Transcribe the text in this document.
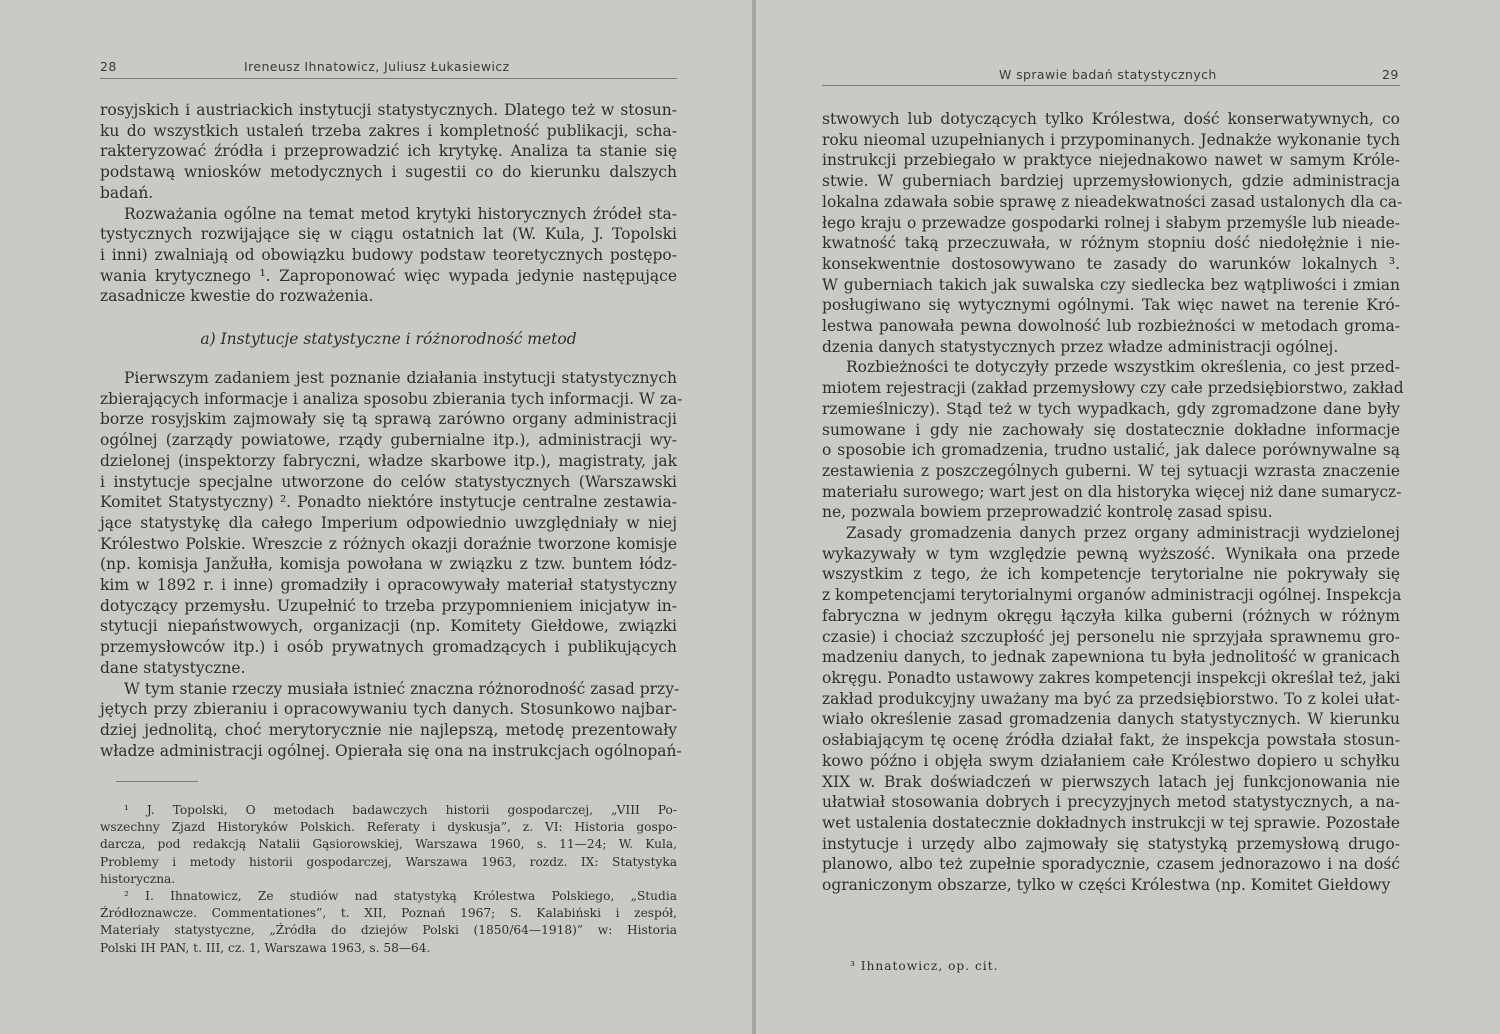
28	Ireneusz Ihnatowicz, Juliusz Łukasiewicz
rosyjskich i austriackich instytucji statystycznych. Dlatego też w stosun-
ku do wszystkich ustaleń trzeba zakres i kompletność publikacji, scha-
rakteryzować źródła i przeprowadzić ich krytykę. Analiza ta stanie się
podstawą wniosków metodycznych i sugestii co do kierunku dalszych
badań.
Rozważania ogólne na temat metod krytyki historycznych źródeł sta-
tystycznych rozwijające się w ciągu ostatnich lat (W. Kula, J. Topolski
i inni) zwalniają od obowiązku budowy podstaw teoretycznych postępo-
wania krytycznego ¹. Zaproponować więc wypada jedynie następujące
zasadnicze kwestie do rozważenia.
a) Instytucje statystyczne i różnorodność metod
Pierwszym zadaniem jest poznanie działania instytucji statystycznych
zbierających informacje i analiza sposobu zbierania tych informacji. W za-
borze rosyjskim zajmowały się tą sprawą zarówno organy administracji
ogólnej (zarządy powiatowe, rządy gubernialne itp.), administracji wy-
dzielonej (inspektorzy fabryczni, władze skarbowe itp.), magistraty, jak
i instytucje specjalne utworzone do celów statystycznych (Warszawski
Komitet Statystyczny) ². Ponadto niektóre instytucje centralne zestawia-
jące statystykę dla całego Imperium odpowiednio uwzględniały w niej
Królestwo Polskie. Wreszcie z różnych okazji doraźnie tworzone komisje
(np. komisja Janžułła, komisja powołana w związku z tzw. buntem łódz-
kim w 1892 r. i inne) gromadziły i opracowywały materiał statystyczny
dotyczący przemysłu. Uzupełnić to trzeba przypomnieniem inicjatyw in-
stytucji niepaństwowych, organizacji (np. Komitety Giełdowe, związki
przemysłowców itp.) i osób prywatnych gromadzących i publikujących
dane statystyczne.
W tym stanie rzeczy musiała istnieć znaczna różnorodność zasad przy-
jętych przy zbieraniu i opracowywaniu tych danych. Stosunkowo najbar-
dziej jednolitą, choć merytorycznie nie najlepszą, metodę prezentowały
władze administracji ogólnej. Opierała się ona na instrukcjach ogólnopań-
¹ J. Topolski, O metodach badawczych historii gospodarczej, „VIII Po-
wszechny Zjazd Historyków Polskich. Referaty i dyskusja”, z. VI: Historia gospo-
darcza, pod redakcją Natalii Gąsiorowskiej, Warszawa 1960, s. 11—24; W. Kula,
Problemy i metody historii gospodarczej, Warszawa 1963, rozdz. IX: Statystyka
historyczna.
² I. Ihnatowicz, Ze studiów nad statystyką Królestwa Polskiego, „Studia
Źródłoznawcze. Commentationes”, t. XII, Poznań 1967; S. Kalabiński i zespół,
Materiały statystyczne, „Źródła do dziejów Polski (1850/64—1918)” w: Historia
Polski IH PAN, t. III, cz. 1, Warszawa 1963, s. 58—64.
W sprawie badań statystycznych	29
stwowych lub dotyczących tylko Królestwa, dość konserwatywnych, co
roku nieomal uzupełnianych i przypominanych. Jednakże wykonanie tych
instrukcji przebiegało w praktyce niejednakowo nawet w samym Króle-
stwie. W guberniach bardziej uprzemysłowionych, gdzie administracja
lokalna zdawała sobie sprawę z nieadekwatności zasad ustalonych dla ca-
łego kraju o przewadze gospodarki rolnej i słabym przemyśle lub nieade-
kwatność taką przeczuwała, w różnym stopniu dość niedołężnie i nie-
konsekwentnie dostosowywano te zasady do warunków lokalnych ³.
W guberniach takich jak suwalska czy siedlecka bez wątpliwości i zmian
posługiwano się wytycznymi ogólnymi. Tak więc nawet na terenie Kró-
lestwa panowała pewna dowolność lub rozbieżności w metodach groma-
dzenia danych statystycznych przez władze administracji ogólnej.
Rozbieżności te dotyczyły przede wszystkim określenia, co jest przed-
miotem rejestracji (zakład przemysłowy czy całe przedsiębiorstwo, zakład
rzemieślniczy). Stąd też w tych wypadkach, gdy zgromadzone dane były
sumowane i gdy nie zachowały się dostatecznie dokładne informacje
o sposobie ich gromadzenia, trudno ustalić, jak dalece porównywalne są
zestawienia z poszczególnych guberni. W tej sytuacji wzrasta znaczenie
materiału surowego; wart jest on dla historyka więcej niż dane sumarycz-
ne, pozwala bowiem przeprowadzić kontrolę zasad spisu.
Zasady gromadzenia danych przez organy administracji wydzielonej
wykazywały w tym względzie pewną wyższość. Wynikała ona przede
wszystkim z tego, że ich kompetencje terytorialne nie pokrywały się
z kompetencjami terytorialnymi organów administracji ogólnej. Inspekcja
fabryczna w jednym okręgu łączyła kilka guberni (różnych w różnym
czasie) i chociaż szczupłość jej personelu nie sprzyjała sprawnemu gro-
madzeniu danych, to jednak zapewniona tu była jednolitość w granicach
okręgu. Ponadto ustawowy zakres kompetencji inspekcji określał też, jaki
zakład produkcyjny uważany ma być za przedsiębiorstwo. To z kolei ułat-
wiało określenie zasad gromadzenia danych statystycznych. W kierunku
osłabiającym tę ocenę źródła działał fakt, że inspekcja powstała stosun-
kowo późno i objęła swym działaniem całe Królestwo dopiero u schyłku
XIX w. Brak doświadczeń w pierwszych latach jej funkcjonowania nie
ułatwiał stosowania dobrych i precyzyjnych metod statystycznych, a na-
wet ustalenia dostatecznie dokładnych instrukcji w tej sprawie. Pozostałe
instytucje i urzędy albo zajmowały się statystyką przemysłową drugo-
planowo, albo też zupełnie sporadycznie, czasem jednorazowo i na dość
ograniczonym obszarze, tylko w części Królestwa (np. Komitet Giełdowy
³ Ihnatowicz, op. cit.
